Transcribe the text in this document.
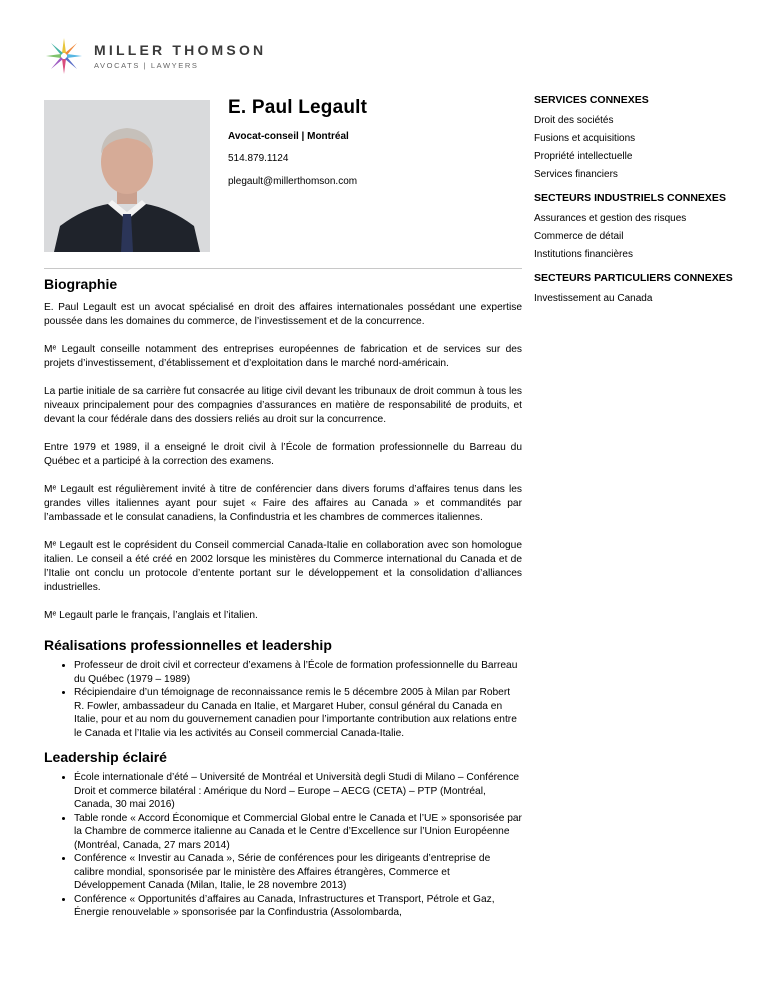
MILLER THOMSON
AVOCATS | LAWYERS
E. Paul Legault
Avocat-conseil | Montréal
514.879.1124
plegault@millerthomson.com
Biographie

E. Paul Legault est un avocat spécialisé en droit des affaires internationales possédant une expertise poussée dans les domaines du commerce, de l’investissement et de la concurrence.

Mᵉ Legault conseille notamment des entreprises européennes de fabrication et de services sur des projets d’investissement, d’établissement et d’exploitation dans le marché nord-américain.

La partie initiale de sa carrière fut consacrée au litige civil devant les tribunaux de droit commun à tous les niveaux principalement pour des compagnies d’assurances en matière de responsabilité de produits, et devant la cour fédérale dans des dossiers reliés au droit sur la concurrence.

Entre 1979 et 1989, il a enseigné le droit civil à l’École de formation professionnelle du Barreau du Québec et a participé à la correction des examens.

Mᵉ Legault est régulièrement invité à titre de conférencier dans divers forums d’affaires tenus dans les grandes villes italiennes ayant pour sujet « Faire des affaires au Canada » et commandités par l’ambassade et le consulat canadiens, la Confindustria et les chambres de commerces italiennes.

Mᵉ Legault est le coprésident du Conseil commercial Canada-Italie en collaboration avec son homologue italien. Le conseil a été créé en 2002 lorsque les ministères du Commerce international du Canada et de l’Italie ont conclu un protocole d’entente portant sur le développement et la consolidation d’alliances industrielles.

Mᵉ Legault parle le français, l’anglais et l’italien.

Réalisations professionnelles et leadership
• Professeur de droit civil et correcteur d’examens à l’École de formation professionnelle du Barreau du Québec (1979 – 1989)
• Récipiendaire d’un témoignage de reconnaissance remis le 5 décembre 2005 à Milan par Robert R. Fowler, ambassadeur du Canada en Italie, et Margaret Huber, consul général du Canada en Italie, pour et au nom du gouvernement canadien pour l’importante contribution aux relations entre le Canada et l’Italie via les activités au Conseil commercial Canada-Italie.
Leadership éclairé
• École internationale d’été – Université de Montréal et Università degli Studi di Milano – Conférence Droit et commerce bilatéral : Amérique du Nord – Europe – AECG (CETA) – PTP (Montréal, Canada, 30 mai 2016)
• Table ronde « Accord Économique et Commercial Global entre le Canada et l’UE » sponsorisée par la Chambre de commerce italienne au Canada et le Centre d’Excellence sur l’Union Européenne (Montréal, Canada, 27 mars 2014)
• Conférence « Investir au Canada », Série de conférences pour les dirigeants d’entreprise de calibre mondial, sponsorisée par le ministère des Affaires étrangères, Commerce et Développement Canada (Milan, Italie, le 28 novembre 2013)
• Conférence « Opportunités d’affaires au Canada, Infrastructures et Transport, Pétrole et Gaz, Énergie renouvelable » sponsorisée par la Confindustria (Assolombarda,
SERVICES CONNEXES
Droit des sociétés
Fusions et acquisitions
Propriété intellectuelle
Services financiers
SECTEURS INDUSTRIELS CONNEXES
Assurances et gestion des risques
Commerce de détail
Institutions financières
SECTEURS PARTICULIERS CONNEXES
Investissement au Canada
